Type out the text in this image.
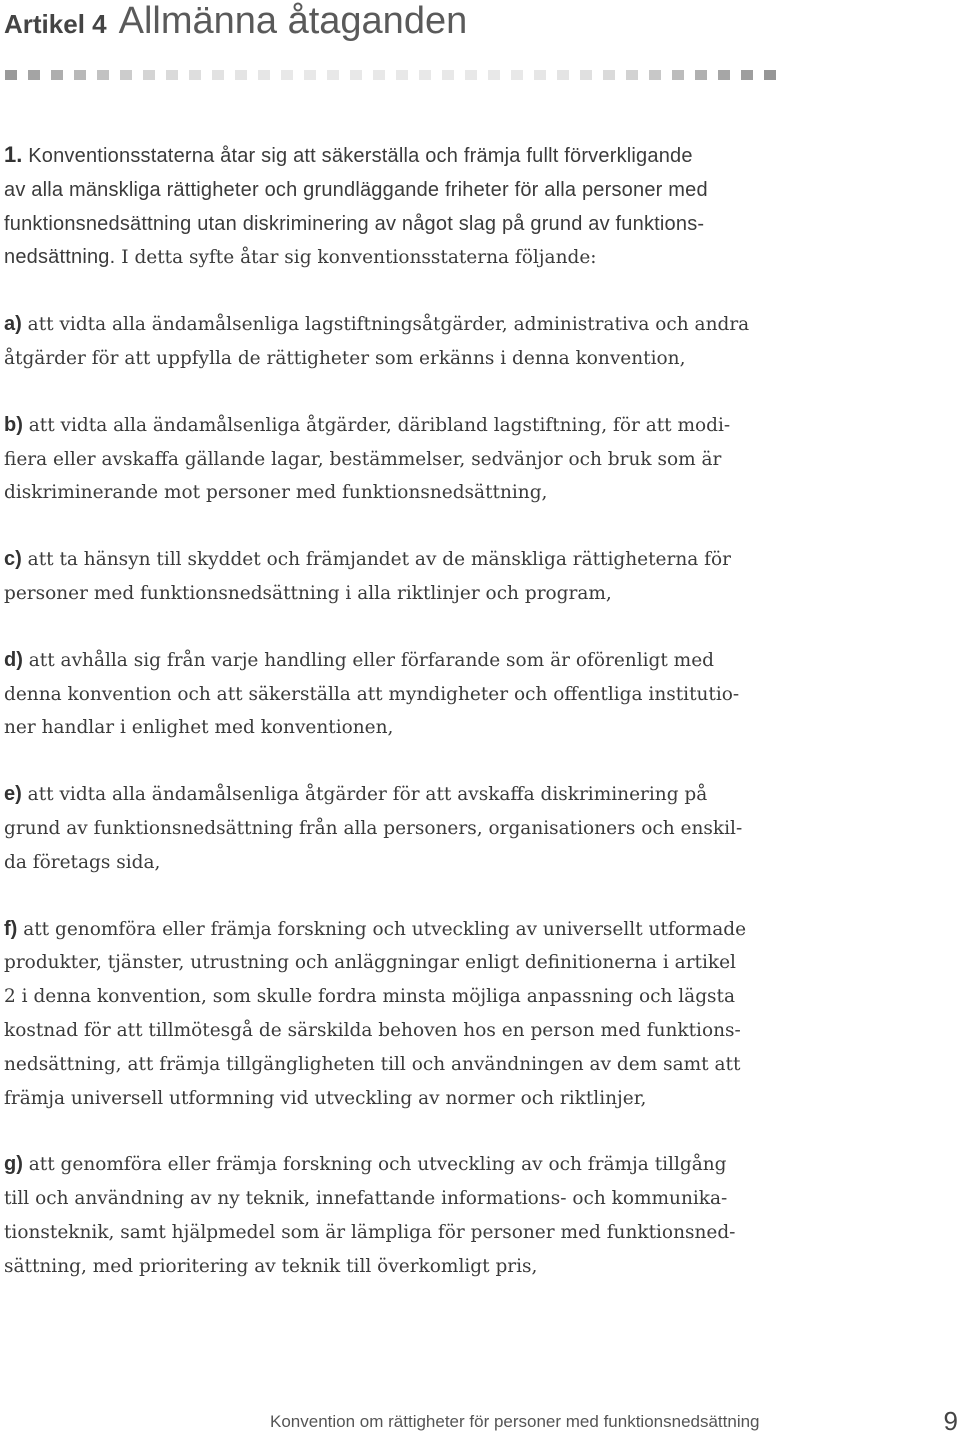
Artikel 4 Allmänna åtaganden

1. Konventionsstaterna åtar sig att säkerställa och främja fullt förverkligande
av alla mänskliga rättigheter och grundläggande friheter för alla personer med
funktionsnedsättning utan diskriminering av något slag på grund av funktions-
nedsättning. I detta syfte åtar sig konventionsstaterna följande:

a) att vidta alla ändamålsenliga lagstiftningsåtgärder, administrativa och andra
åtgärder för att uppfylla de rättigheter som erkänns i denna konvention,

b) att vidta alla ändamålsenliga åtgärder, däribland lagstiftning, för att modi-
fiera eller avskaffa gällande lagar, bestämmelser, sedvänjor och bruk som är
diskriminerande mot personer med funktionsnedsättning,

c) att ta hänsyn till skyddet och främjandet av de mänskliga rättigheterna för
personer med funktionsnedsättning i alla riktlinjer och program,

d) att avhålla sig från varje handling eller förfarande som är oförenligt med
denna konvention och att säkerställa att myndigheter och offentliga institutio-
ner handlar i enlighet med konventionen,

e) att vidta alla ändamålsenliga åtgärder för att avskaffa diskriminering på
grund av funktionsnedsättning från alla personers, organisationers och enskil-
da företags sida,

f) att genomföra eller främja forskning och utveckling av universellt utformade
produkter, tjänster, utrustning och anläggningar enligt definitionerna i artikel
2 i denna konvention, som skulle fordra minsta möjliga anpassning och lägsta
kostnad för att tillmötesgå de särskilda behoven hos en person med funktions-
nedsättning, att främja tillgängligheten till och användningen av dem samt att
främja universell utformning vid utveckling av normer och riktlinjer,

g) att genomföra eller främja forskning och utveckling av och främja tillgång
till och användning av ny teknik, innefattande informations- och kommunika-
tionsteknik, samt hjälpmedel som är lämpliga för personer med funktionsned-
sättning, med prioritering av teknik till överkomligt pris,

Konvention om rättigheter för personer med funktionsnedsättning	9
